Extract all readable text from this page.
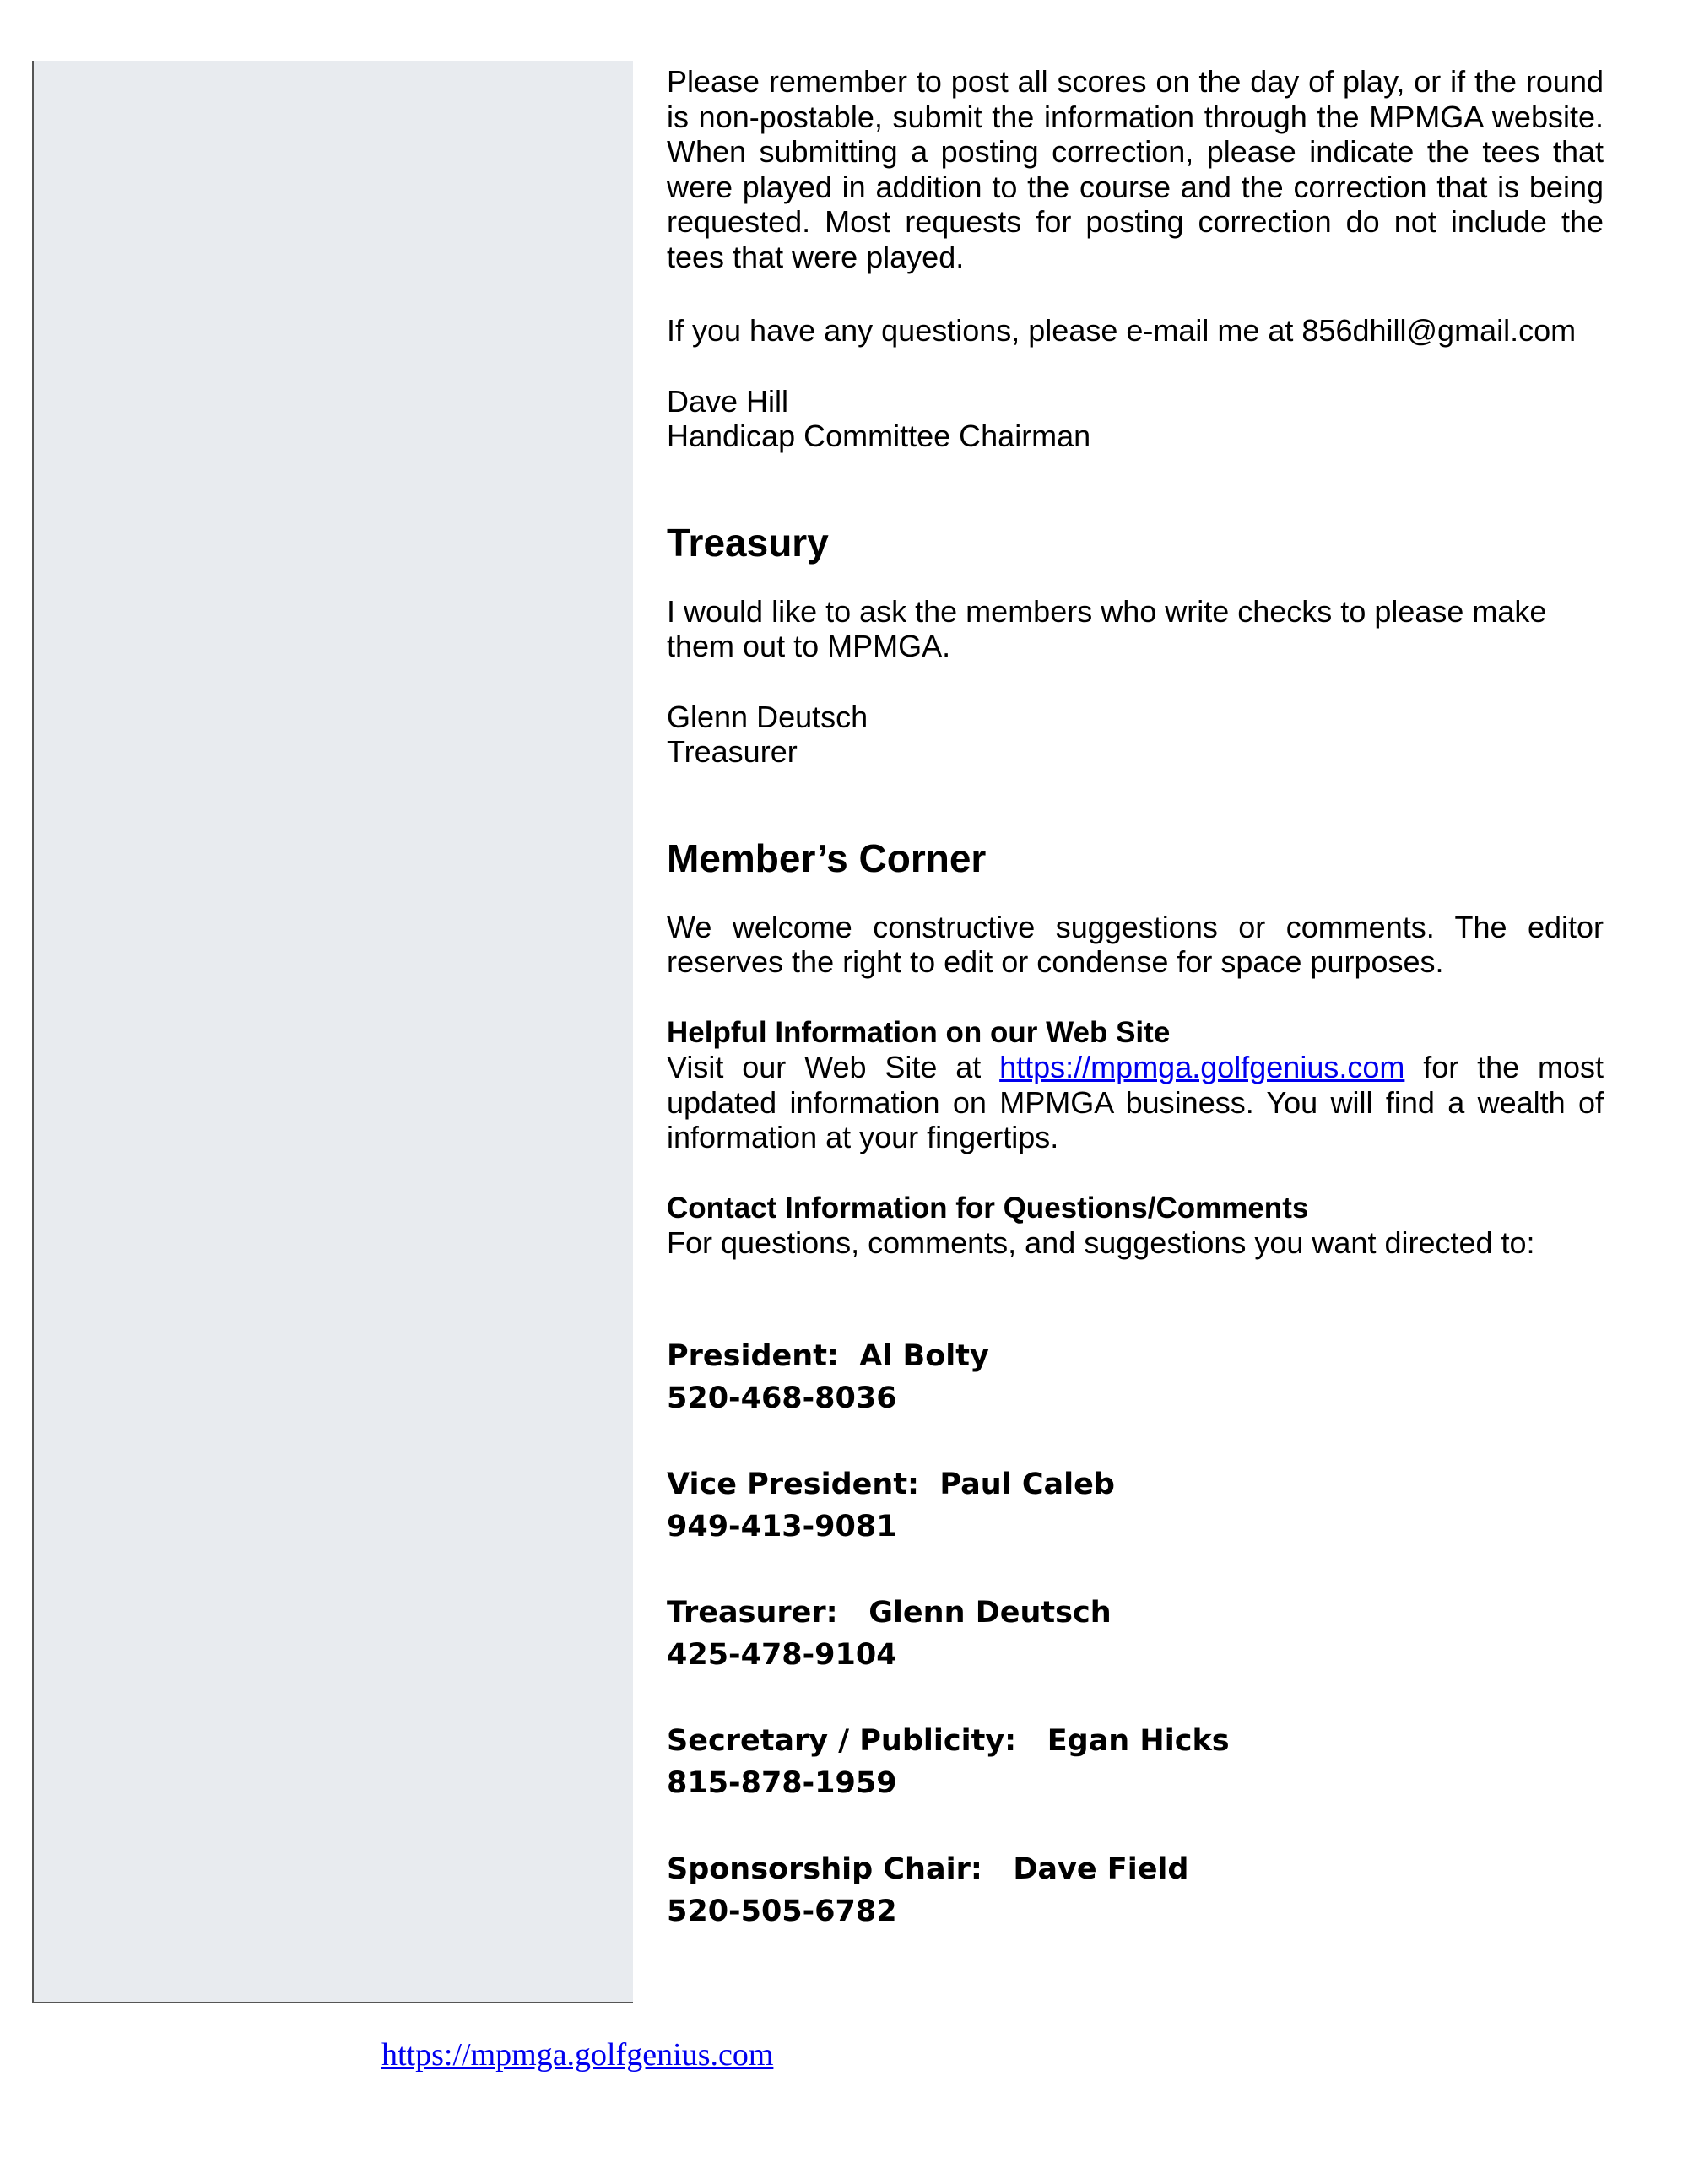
Please remember to post all scores on the day of play, or if the round is non-postable, submit the information through the MPMGA website. When submitting a posting correction, please indicate the tees that were played in addition to the course and the correction that is being requested. Most requests for posting correction do not include the tees that were played.

If you have any questions, please e-mail me at 856dhill@gmail.com

Dave Hill

Handicap Committee Chairman

Treasury

I would like to ask the members who write checks to please make them out to MPMGA.

Glenn Deutsch

Treasurer

Member’s Corner

We welcome constructive suggestions or comments. The editor reserves the right to edit or condense for space purposes.

Helpful Information on our Web Site

Visit our Web Site at https://mpmga.golfgenius.com for the most updated information on MPMGA business. You will find a wealth of information at your fingertips.

Contact Information for Questions/Comments

For questions, comments, and suggestions you want directed to:

President:  Al Bolty

520-468-8036

Vice President:  Paul Caleb

949-413-9081

Treasurer:   Glenn Deutsch

425-478-9104

Secretary / Publicity:   Egan Hicks

815-878-1959

Sponsorship Chair:   Dave Field

520-505-6782

https://mpmga.golfgenius.com
